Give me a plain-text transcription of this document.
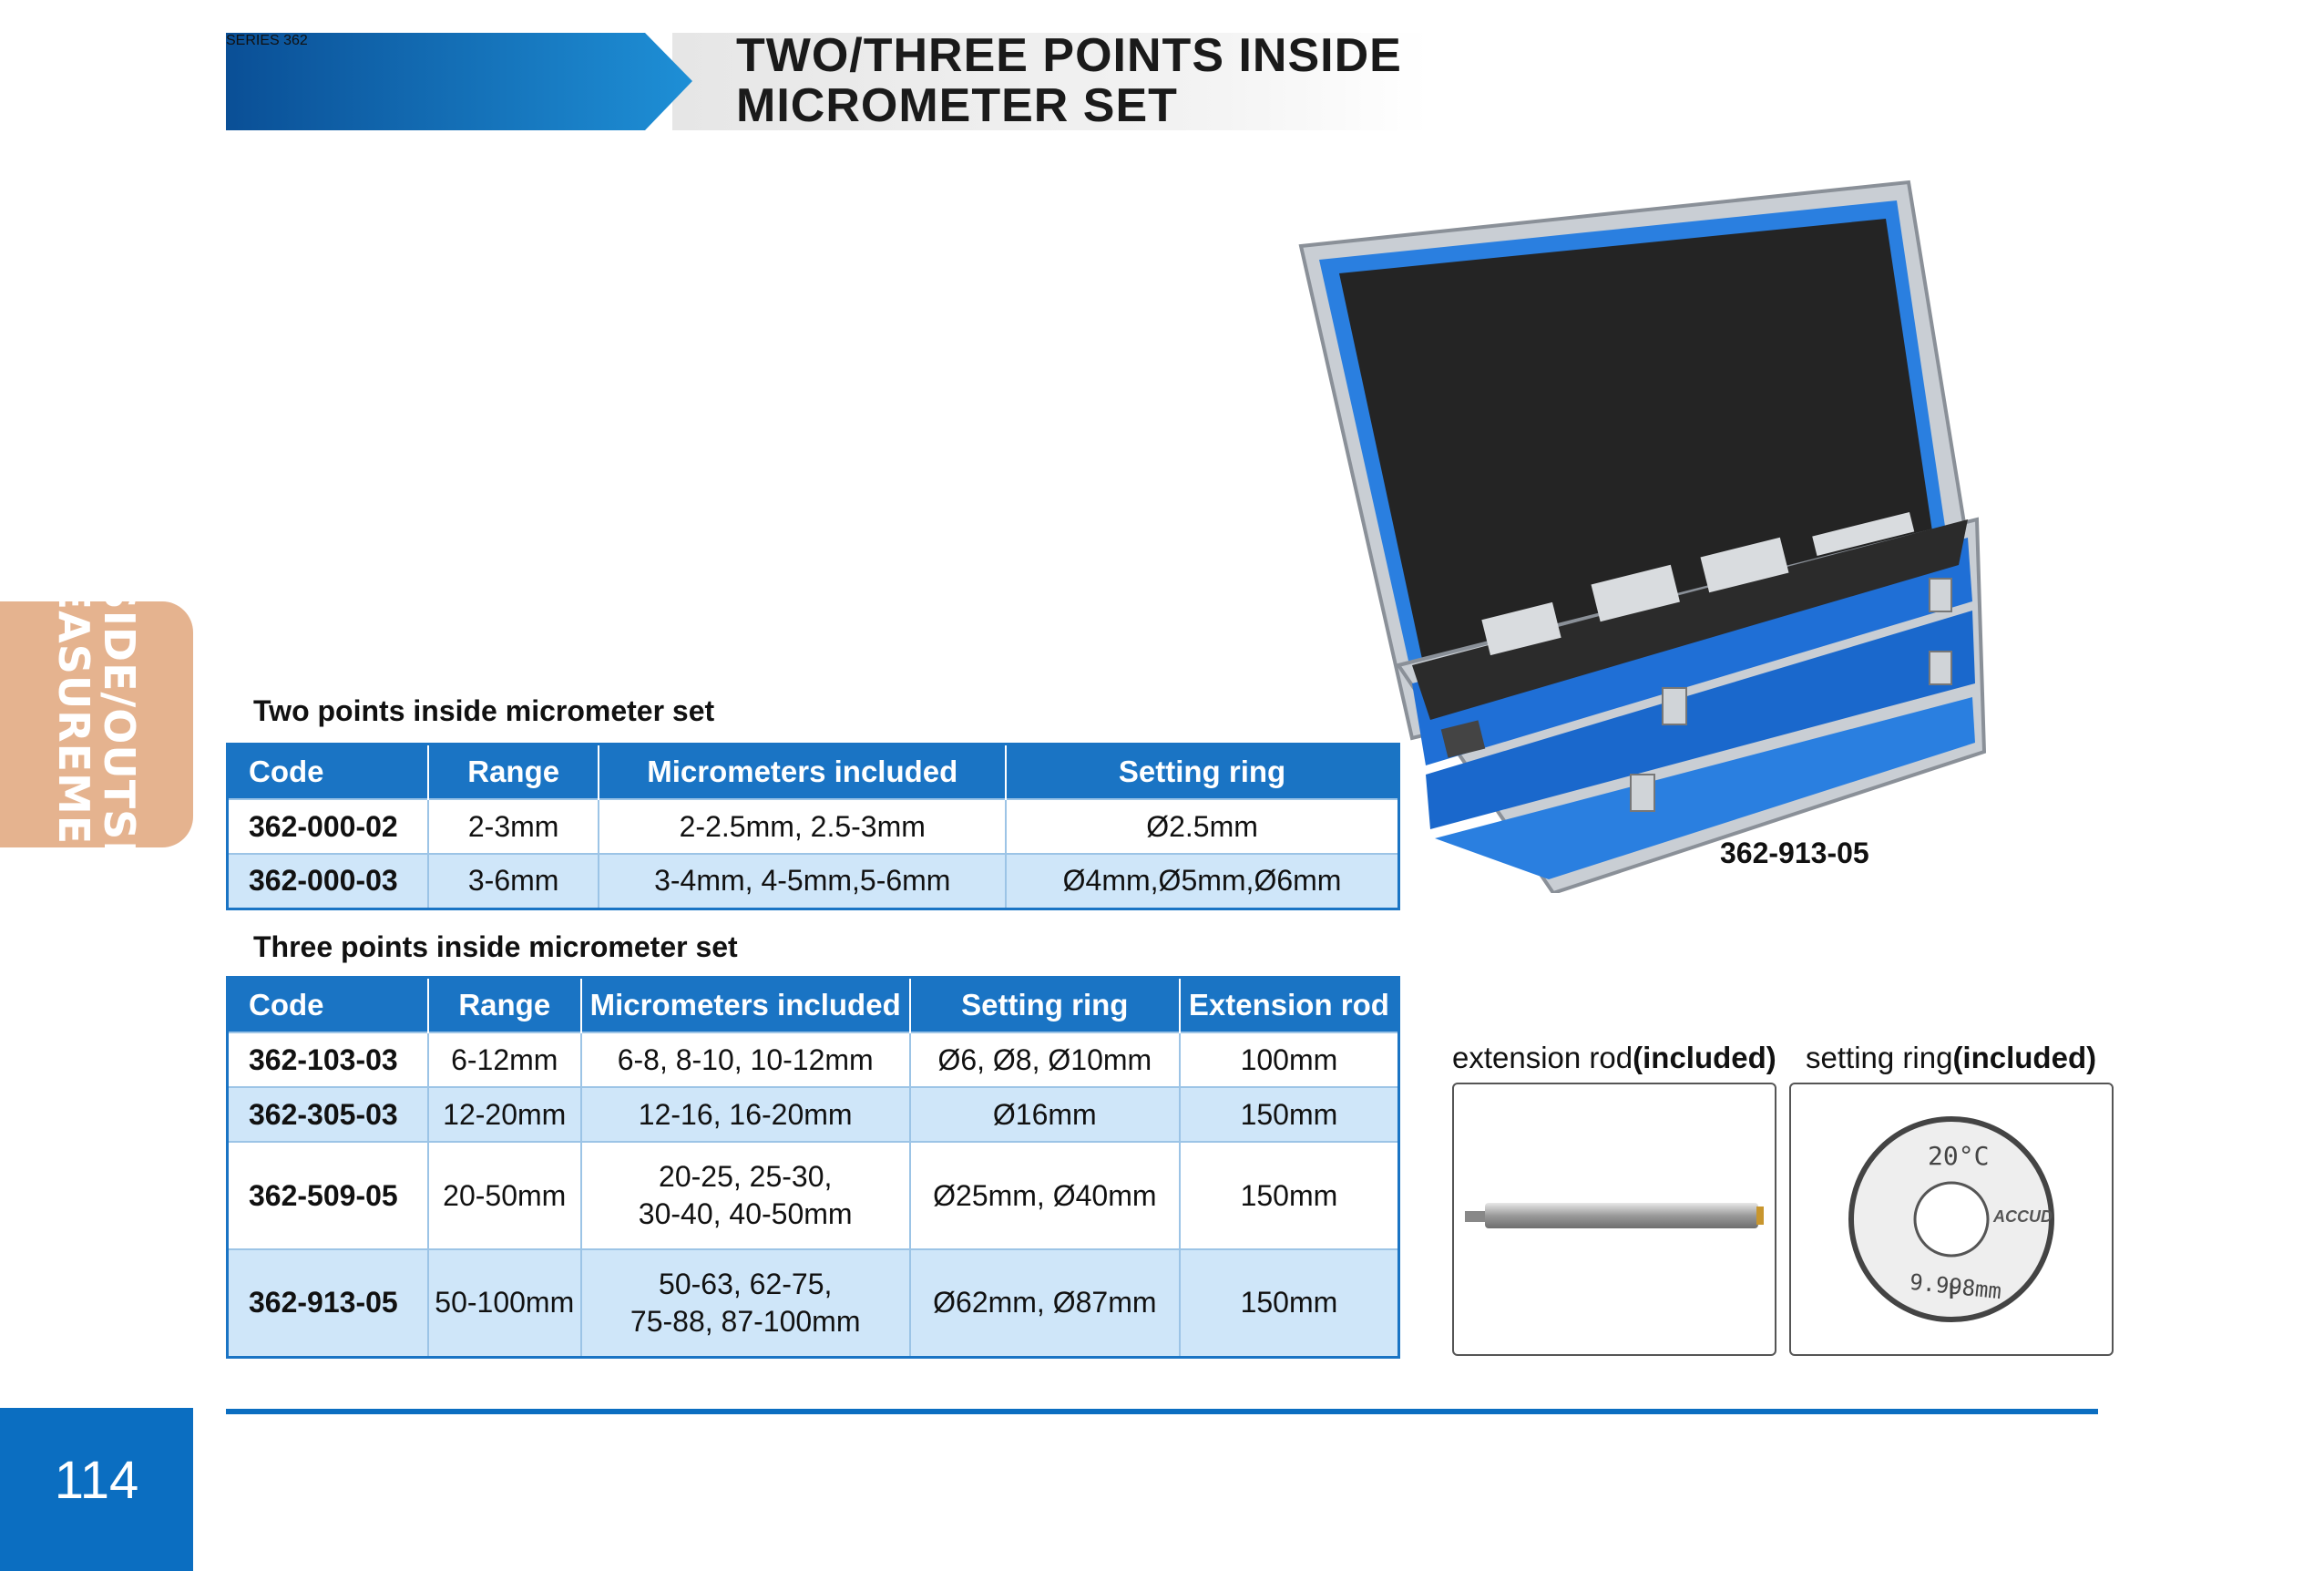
SERIES 362	TWO/THREE POINTS INSIDE
MICROMETER SET
INSIDE/OUTSIDE
MEASUREMENT	Two points inside micrometer set
Code	Range	Micrometers included	Setting ring
362-000-02	2-3mm	2-2.5mm, 2.5-3mm	Ø2.5mm
362-000-03	3-6mm	3-4mm, 4-5mm,5-6mm	Ø4mm,Ø5mm,Ø6mm
Three points inside micrometer set
Code	Range	Micrometers included	Setting ring	Extension rod
362-103-03	6-12mm	6-8, 8-10, 10-12mm	Ø6, Ø8, Ø10mm	100mm
362-305-03	12-20mm	12-16, 16-20mm	Ø16mm	150mm
362-509-05	20-50mm	20-25, 25-30,
30-40, 40-50mm	Ø25mm, Ø40mm	150mm
362-913-05	50-100mm	50-63, 62-75,
75-88, 87-100mm	Ø62mm, Ø87mm	150mm
362-913-05
extension rod(included) setting ring(included)
20°C
ACCUD
9.998mm
114
